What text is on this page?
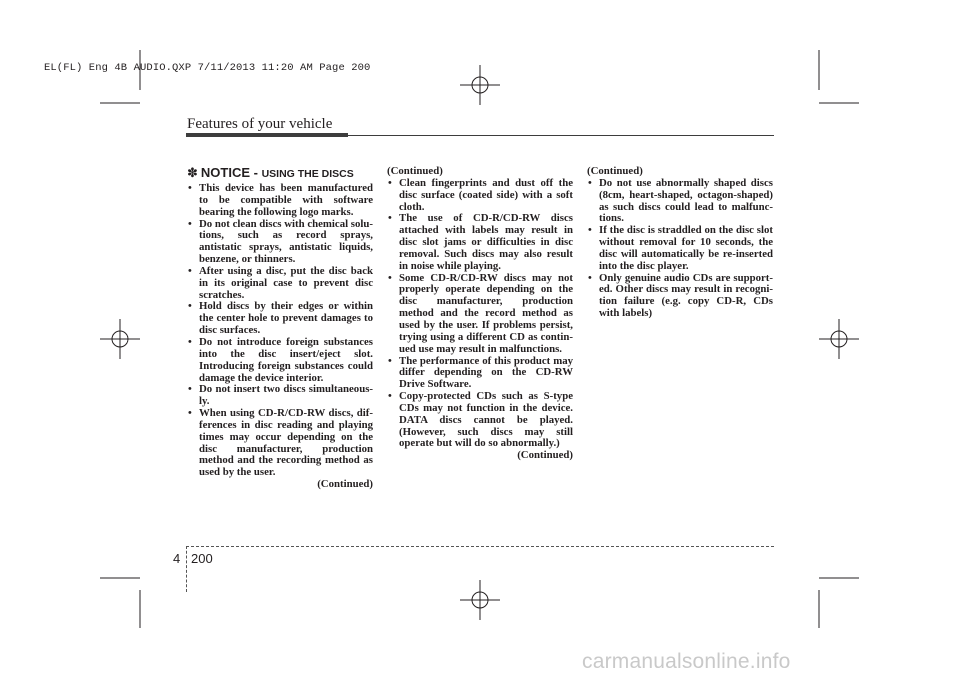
EL(FL) Eng 4B AUDIO.QXP 7/11/2013 11:20 AM Page 200
Features of your vehicle
✽ NOTICE - USING THE DISCS
• This device has been manufactured to be compatible with software bearing the following logo marks.
• Do not clean discs with chemical solu-tions, such as record sprays, antistatic sprays, antistatic liquids, benzene, or thinners.
• After using a disc, put the disc back in its original case to prevent disc scratches.
• Hold discs by their edges or within the center hole to prevent damages to disc surfaces.
• Do not introduce foreign substances into the disc insert/eject slot. Introducing foreign substances could damage the device interior.
• Do not insert two discs simultaneous-ly.
• When using CD-R/CD-RW discs, dif-ferences in disc reading and playing times may occur depending on the disc manufacturer, production method and the recording method as used by the user.

(Continued)

(Continued)

• Clean fingerprints and dust off the disc surface (coated side) with a soft cloth.
• The use of CD-R/CD-RW discs attached with labels may result in disc slot jams or difficulties in disc removal. Such discs may also result in noise while playing.
• Some CD-R/CD-RW discs may not properly operate depending on the disc manufacturer, production method and the record method as used by the user. If problems persist, trying using a different CD as contin-ued use may result in malfunctions.
• The performance of this product may differ depending on the CD-RW Drive Software.
• Copy-protected CDs such as S-type CDs may not function in the device. DATA discs cannot be played. (However, such discs may still operate but will do so abnormally.)

(Continued)

(Continued)

• Do not use abnormally shaped discs (8cm, heart-shaped, octagon-shaped) as such discs could lead to malfunc-tions.
• If the disc is straddled on the disc slot without removal for 10 seconds, the disc will automatically be re-inserted into the disc player.
• Only genuine audio CDs are support-ed. Other discs may result in recogni-tion failure (e.g. copy CD-R, CDs with labels)
4 200
carmanualsonline.info
